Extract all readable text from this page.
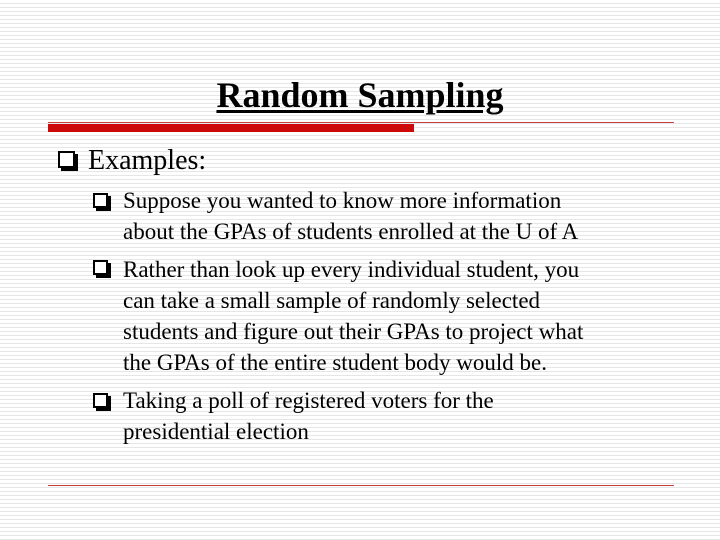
Random Sampling
Examples:
Suppose you wanted to know more information
about the GPAs of students enrolled at the U of A
Rather than look up every individual student, you
can take a small sample of randomly selected
students and figure out their GPAs to project what
the GPAs of the entire student body would be.
Taking a poll of registered voters for the
presidential election
